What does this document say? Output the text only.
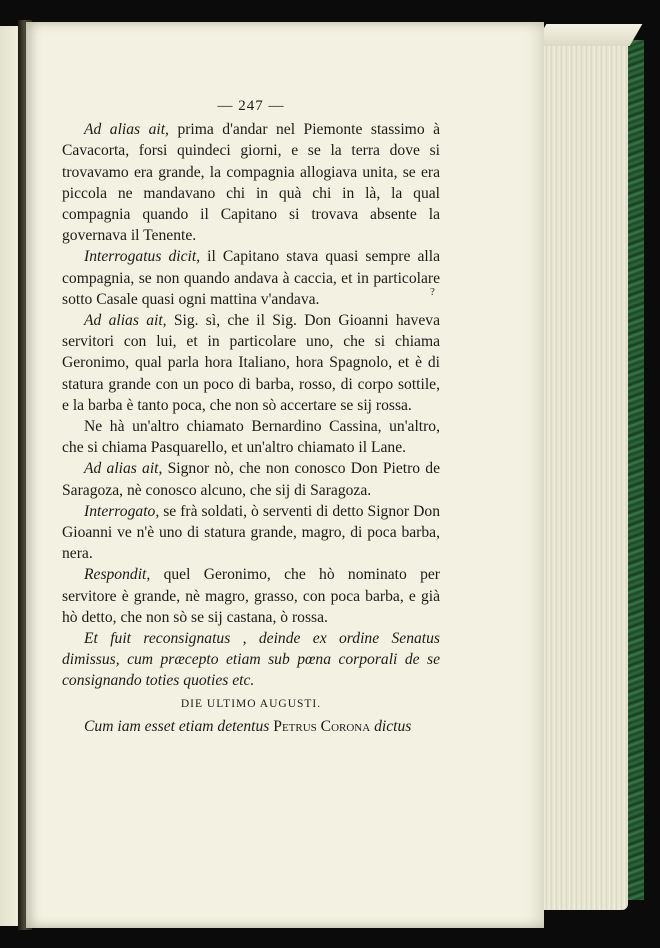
— 247 —

Ad alias ait, prima d'andar nel Piemonte stassimo à Cavacorta, forsi quindeci giorni, e se la terra dove si trovavamo era grande, la compagnia allogiava unita, se era piccola ne mandavano chi in quà chi in là, la qual compagnia quando il Capitano si trovava absente la governava il Tenente.

Interrogatus dicit, il Capitano stava quasi sempre alla compagnia, se non quando andava à caccia, et in particolare sotto Casale quasi ogni mattina v'andava.

Ad alias ait, Sig. sì, che il Sig. Don Gioanni haveva servitori con lui, et in particolare uno, che si chiama Geronimo, qual parla hora Italiano, hora Spagnolo, et è di statura grande con un poco di barba, rosso, di corpo sottile, e la barba è tanto poca, che non sò accertare se sij rossa.

Ne hà un'altro chiamato Bernardino Cassina, un'altro, che si chiama Pasquarello, et un'altro chiamato il Lane.

Ad alias ait, Signor nò, che non conosco Don Pietro de Saragoza, nè conosco alcuno, che sij di Saragoza.

Interrogato, se frà soldati, ò serventi di detto Signor Don Gioanni ve n'è uno di statura grande, magro, di poca barba, nera.

Respondit, quel Geronimo, che hò nominato per servitore è grande, nè magro, grasso, con poca barba, e già hò detto, che non sò se sij castana, ò rossa.

Et fuit reconsignatus , deinde ex ordine Senatus dimissus, cum præcepto etiam sub pœna corporali de se consignando toties quoties etc.

DIE ULTIMO AUGUSTI.

Cum iam esset etiam detentus Petrus Corona dictus

?
